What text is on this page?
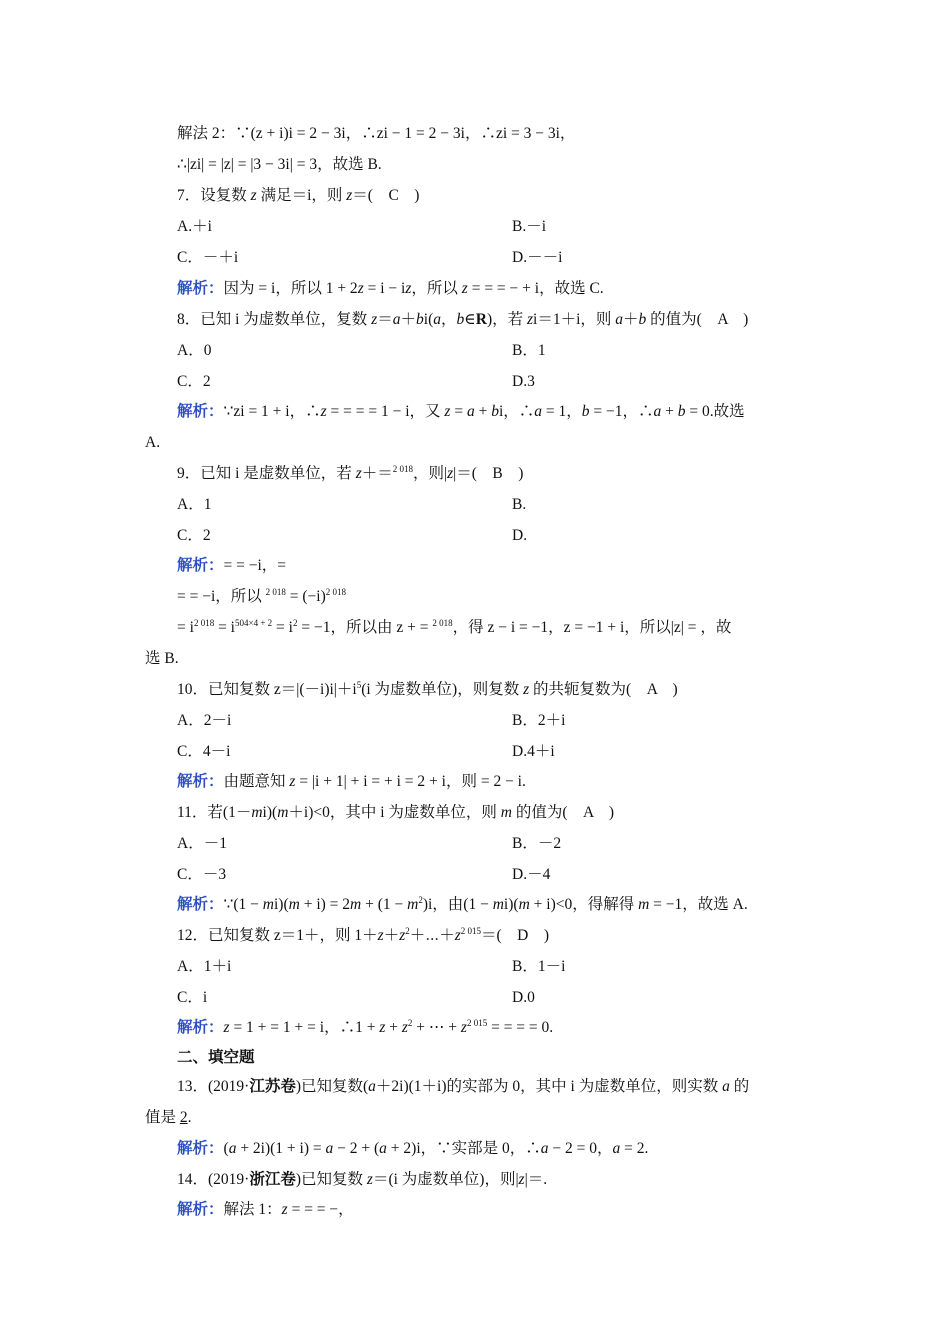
解法 2：∵(z + i)i = 2 − 3i，∴zi − 1 = 2 − 3i，∴zi = 3 − 3i，
∴|zi| = |z| = |3 − 3i| = 3，故选 B.
7．设复数 z 满足＝i，则 z＝(　C　)
A.＋i	B.－i
C．－＋i	D.－－i
解析：因为 = i，所以 1 + 2z = i − iz，所以 z = = = − + i，故选 C.
8．已知 i 为虚数单位，复数 z＝a＋bi(a，b∈R)，若 zi＝1＋i，则 a＋b 的值为(　A　)
A．0	B．1
C．2	D.3
解析：∵zi = 1 + i，∴z = = = = 1 − i，又 z = a + bi，∴a = 1，b = −1，∴a + b = 0.故选
A.
9．已知 i 是虚数单位，若 z＋＝$^{2 018}$，则|z|＝(　B　)
A．1	B.
C．2	D.
解析：= = −i，=
= = −i，所以 $^{2 018} = (-i)^{2 018}$
= $i^{2 018} = i^{504\times 4 + 2} = i^2 = -1$，所以由 z + = $^{2 018}$，得 z − i = −1，z = −1 + i，所以|z| = ，故
选 B.
10．已知复数 $z=|(-i)i|+i^5(i$ 为虚数单位)，则复数 z 的共轭复数为(　A　)
A．2－i	B．2＋i
C．4－i	D.4＋i
解析：由题意知 z = |i + 1| + i = + i = 2 + i，则 = 2 − i.
11．若(1－mi)(m＋i)<0，其中 i 为虚数单位，则 m 的值为(　A　)
A．－1	B．－2
C．－3	D.－4
解析：∵(1 − $mi)(m + i) = 2m + (1 - m^2)i$，由(1 − mi)(m + i)<0，得解得 m = −1，故选 A.
12．已知复数 z＝1＋，则 $1+z+z^2+\cdots+z^{2 015}=$(　D　)
A．1＋i	B．1－i
C．i	D.0
解析：z = 1 + = 1 + = i，∴1 + $z + z^2$ + ⋯ + $z^{2 015}$ = = = = 0.
二、填空题
13．(2019·江苏卷)已知复数(a＋2i)(1＋i)的实部为 0，其中 i 为虚数单位，则实数 a 的
值是 2.
解析：(a + 2i)(1 + i) = a − 2 + (a + 2)i，∵实部是 0，∴a − 2 = 0，a = 2.
14．(2019·浙江卷)已知复数 z＝(i 为虚数单位)，则|z|＝.
解析：解法 1：z = = = −，
